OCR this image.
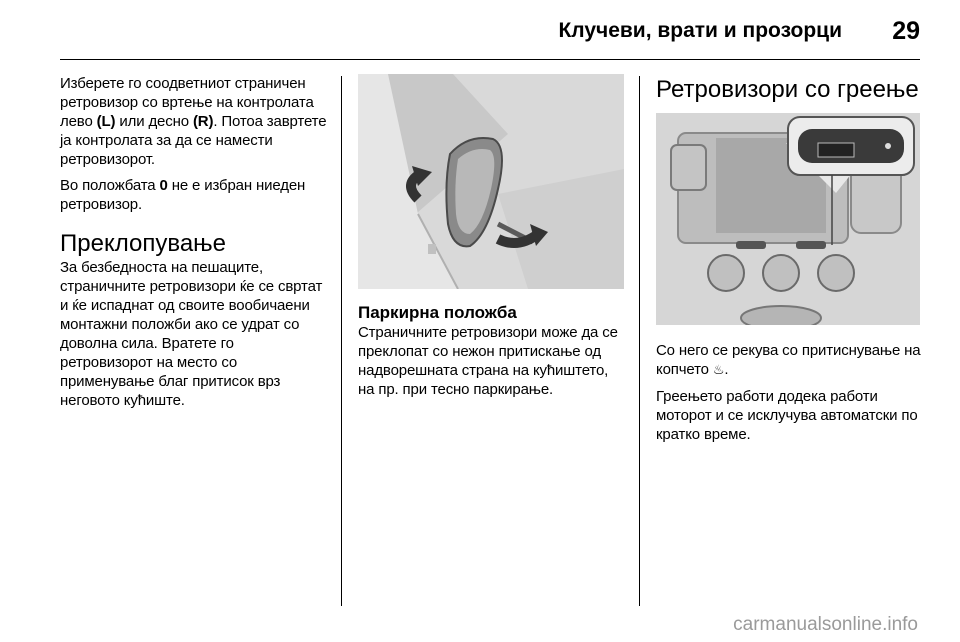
Клучеви, врати и прозорци 29

Изберете го соодветниот страничен ретровизор со вртење на контролата лево (L) или десно (R). Потоа завртете ја контролата за да се намести ретровизорот.

Во положбата 0 не е избран ниеден ретровизор.

Преклопување

За безбедноста на пешаците, страничните ретровизори ќе се свртат и ќе испаднат од своите вообичаени монтажни положби ако се удрат со доволна сила. Вратете го ретровизорот на место со применување благ притисок врз неговото кућиште.

Паркирна положба

Страничните ретровизори може да се преклопат со нежон притискање од надворешната страна на кућиштето, на пр. при тесно паркирање.

Ретровизори со греење

Со него се рекува со притиснување на копчето ♨.

Греењето работи додека работи моторот и се исклучува автоматски по кратко време.

carmanualsonline.info
